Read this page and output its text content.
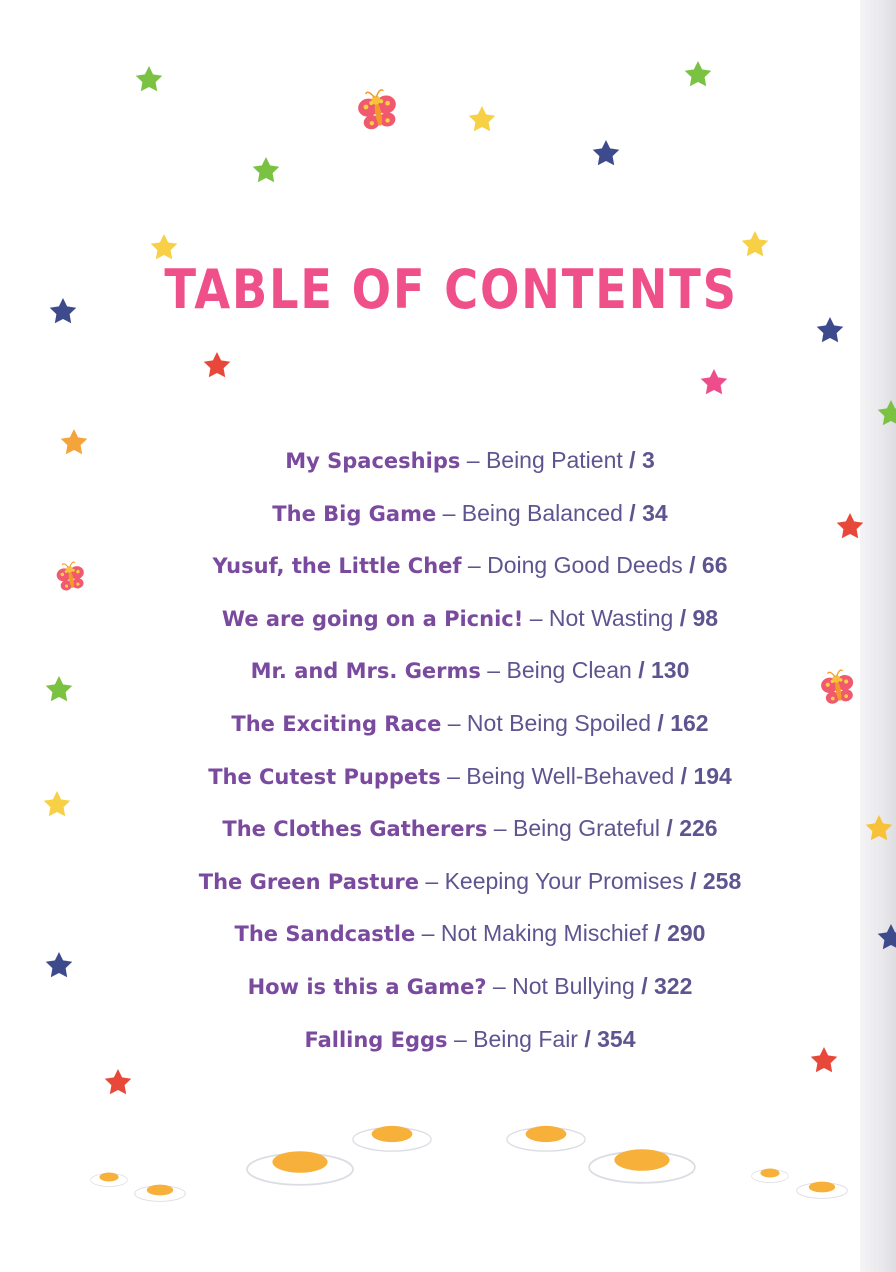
TABLE OF CONTENTS
My Spaceships – Being Patient / 3
The Big Game – Being Balanced / 34
Yusuf, the Little Chef – Doing Good Deeds / 66
We are going on a Picnic! – Not Wasting / 98
Mr. and Mrs. Germs – Being Clean / 130
The Exciting Race – Not Being Spoiled / 162
The Cutest Puppets – Being Well-Behaved / 194
The Clothes Gatherers – Being Grateful / 226
The Green Pasture – Keeping Your Promises / 258
The Sandcastle – Not Making Mischief / 290
How is this a Game? – Not Bullying / 322
Falling Eggs – Being Fair / 354
